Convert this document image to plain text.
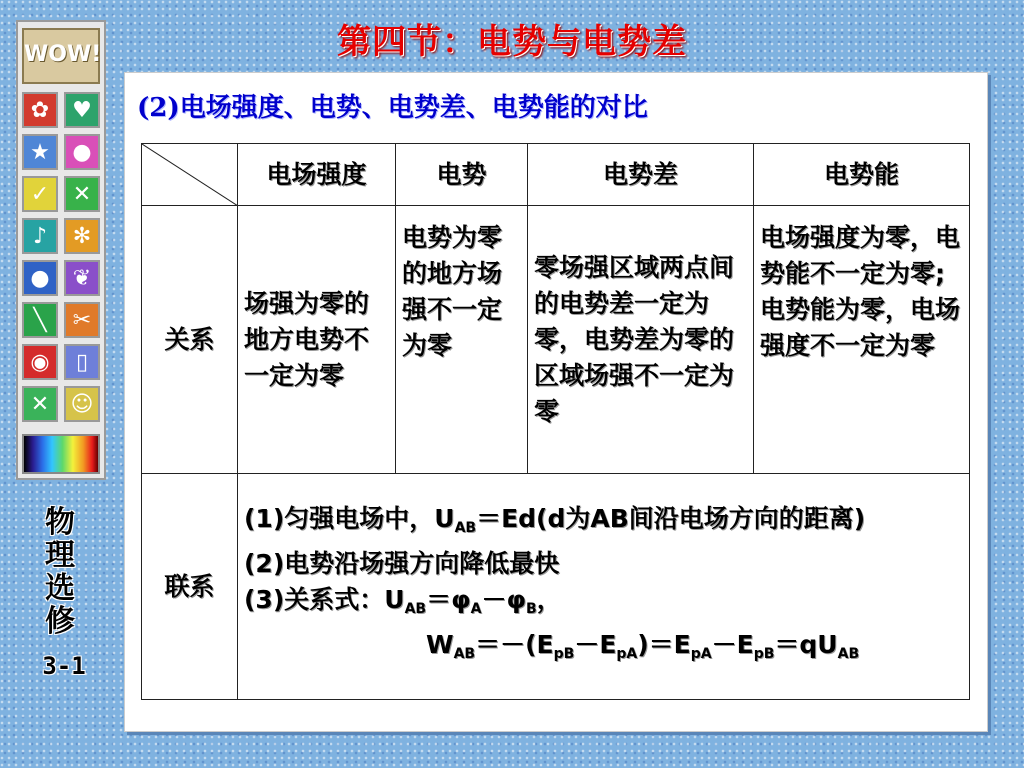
第四节：电势与电势差
WOW!
✿	♥
★	●
✓	✕
♪	✻
●	❦
╲	✂
◉	▯
✕ ☺
物理选修
3-1
(2)电场强度、电势、电势差、电势能的对比
	电场强度	电势	电势差	电势能
关系	场强为零的地方电势不一定为零	电势为零的地方场强不一定为零	零场强区域两点间的电势差一定为零，电势差为零的区域场强不一定为零	电场强度为零，电势能不一定为零;电势能为零，电场强度不一定为零
联系	(1)匀强电场中，$U_{AB}=Ed(d$为AB间沿电场方向的距离)
(2)电势沿场强方向降低最快
(3)关系式：$U_{AB}=\varphi_A-\varphi_B$，
$W_{AB}=-(E_{pB}-E_{pA})=E_{pA}-E_{pB}=qU_{AB}$
